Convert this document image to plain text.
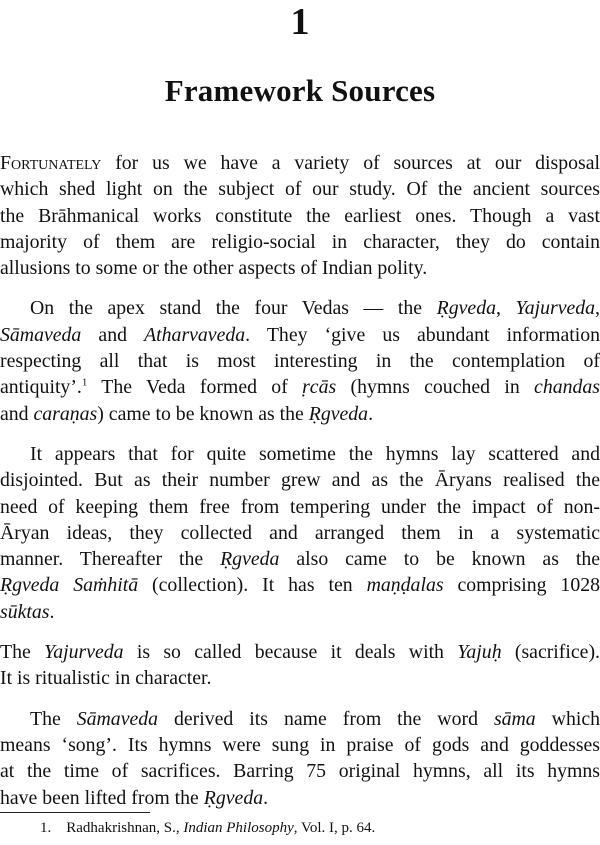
1
Framework Sources
Fortunately for us we have a variety of sources at our disposal
which shed light on the subject of our study. Of the ancient sources
the Brāhmanical works constitute the earliest ones. Though a vast
majority of them are religio-social in character, they do contain
allusions to some or the other aspects of Indian polity.
On the apex stand the four Vedas — the Ṛgveda, Yajurveda,
Sāmaveda and Atharvaveda. They ‘give us abundant information
respecting all that is most interesting in the contemplation of
antiquity’.$^1$ The Veda formed of ṛcās (hymns couched in chandas
and caraṇas) came to be known as the Ṛgveda.
It appears that for quite sometime the hymns lay scattered and
disjointed. But as their number grew and as the Āryans realised the
need of keeping them free from tempering under the impact of non-
Āryan ideas, they collected and arranged them in a systematic
manner. Thereafter the Ṛgveda also came to be known as the
Ṛgveda Saṁhitā (collection). It has ten maṇḍalas comprising 1028
sūktas.
The Yajurveda is so called because it deals with Yajuḥ (sacrifice).
It is ritualistic in character.
The Sāmaveda derived its name from the word sāma which
means ‘song’. Its hymns were sung in praise of gods and goddesses
at the time of sacrifices. Barring 75 original hymns, all its hymns
have been lifted from the Ṛgveda.
1. Radhakrishnan, S., Indian Philosophy, Vol. I, p. 64.
